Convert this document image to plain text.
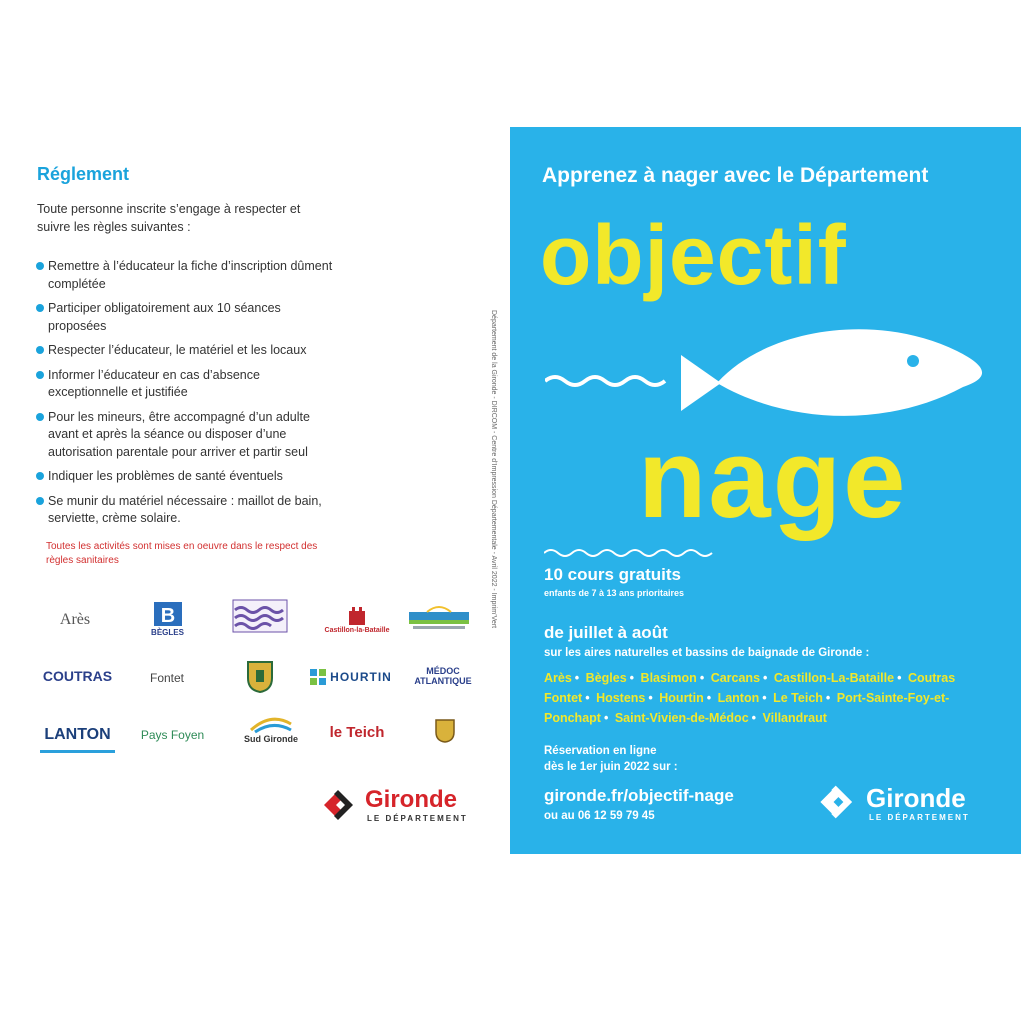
Réglement
Toute personne inscrite s’engage à respecter et suivre les règles suivantes :
Remettre à l’éducateur la fiche d’inscription dûment complétée
Participer obligatoirement aux 10 séances proposées
Respecter l’éducateur, le matériel et les locaux
Informer l’éducateur en cas d’absence exceptionnelle et justifiée
Pour les mineurs, être accompagné d’un adulte avant et après la séance ou disposer d’une autorisation parentale pour arriver et partir seul
Indiquer les problèmes de santé éventuels
Se munir du matériel nécessaire : maillot de bain, serviette, crème solaire.
Toutes les activités sont mises en oeuvre dans le respect des règles sanitaires
Arès	B
BÈGLES	Castillon-la-Bataille
COUTRAS	Fontet	HOURTIN	MÉDOC ATLANTIQUE
LANTON	Pays Foyen	Sud Gironde	le Teich
Gironde
LE DÉPARTEMENT
Département de la Gironde - DIRCOM - Centre d’Impression Départementale - Avril 2022 - Imprim’Vert
Apprenez à nager avec le Département
objectif
nage
10 cours gratuits
enfants de 7 à 13 ans prioritaires
de juillet à août
sur les aires naturelles et bassins de baignade de Gironde :
Arès • Bègles • Blasimon • Carcans • Castillon-La-Bataille • Coutras Fontet • Hostens • Hourtin • Lanton • Le Teich • Port-Sainte-Foy-et-Ponchapt • Saint-Vivien-de-Médoc • Villandraut
Réservation en ligne
dès le 1er juin 2022 sur :
gironde.fr/objectif-nage
ou au 06 12 59 79 45
Gironde
LE DÉPARTEMENT
